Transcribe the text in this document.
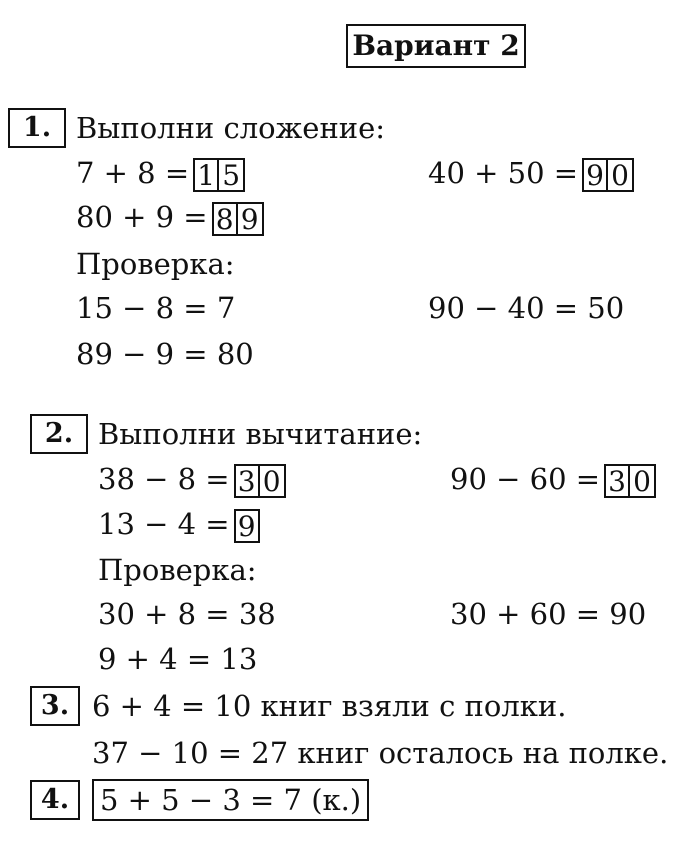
Вариант 2
1. Выполни сложение:
7 + 8 = 1 5	40 + 50 = 9 0
80 + 9 = 8 9
Проверка:
15 − 8 = 7	90 − 40 = 50
89 − 9 = 80
2. Выполни вычитание:
38 − 8 = 3 0	90 − 60 = 3 0
13 − 4 = 9
Проверка:
30 + 8 = 38	30 + 60 = 90
9 + 4 = 13
3. 6 + 4 = 10 книг взяли с полки.
37 − 10 = 27 книг осталось на полке.
4.	5 + 5 − 3 = 7 (к.)
